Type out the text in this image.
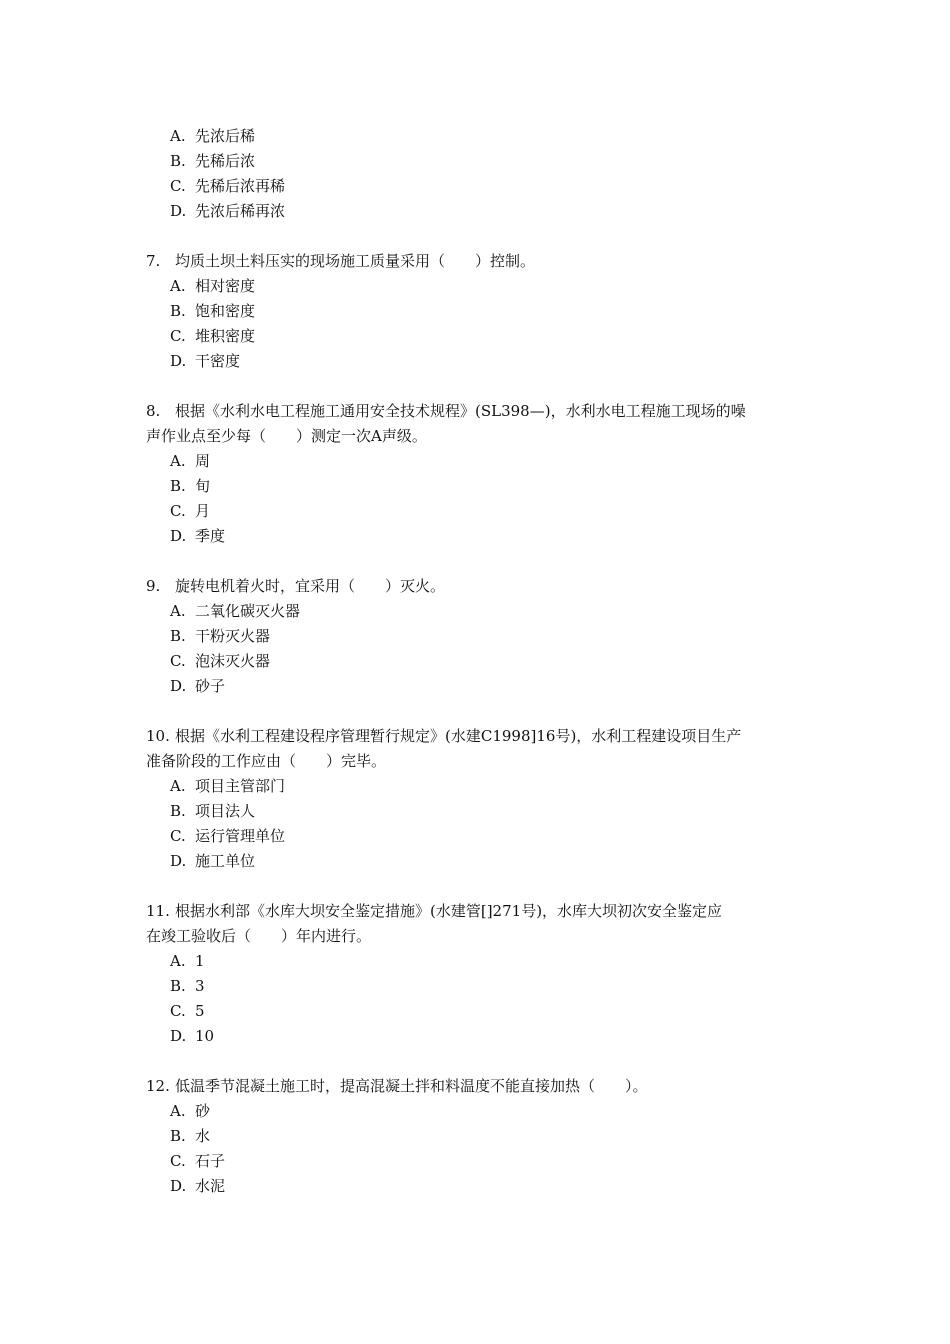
A. 先浓后稀
B. 先稀后浓
C. 先稀后浓再稀
D. 先浓后稀再浓
7. 均质土坝土料压实的现场施工质量采用（　　）控制。
A. 相对密度
B. 饱和密度
C. 堆积密度
D. 干密度
8. 根据《水利水电工程施工通用安全技术规程》(SL398—)，水利水电工程施工现场的噪
声作业点至少每（　　）测定一次A声级。
A. 周
B. 旬
C. 月
D. 季度
9. 旋转电机着火时，宜采用（　　）灭火。
A. 二氧化碳灭火器
B. 干粉灭火器
C. 泡沫灭火器
D. 砂子
10. 根据《水利工程建设程序管理暂行规定》(水建C1998]16号)，水利工程建设项目生产
准备阶段的工作应由（　　）完毕。
A. 项目主管部门
B. 项目法人
C. 运行管理单位
D. 施工单位
11. 根据水利部《水库大坝安全鉴定措施》(水建管[]271号)，水库大坝初次安全鉴定应
在竣工验收后（　　）年内进行。
A. 1
B. 3
C. 5
D. 10
12. 低温季节混凝土施工时，提高混凝土拌和料温度不能直接加热（　　）。
A. 砂
B. 水
C. 石子
D. 水泥
